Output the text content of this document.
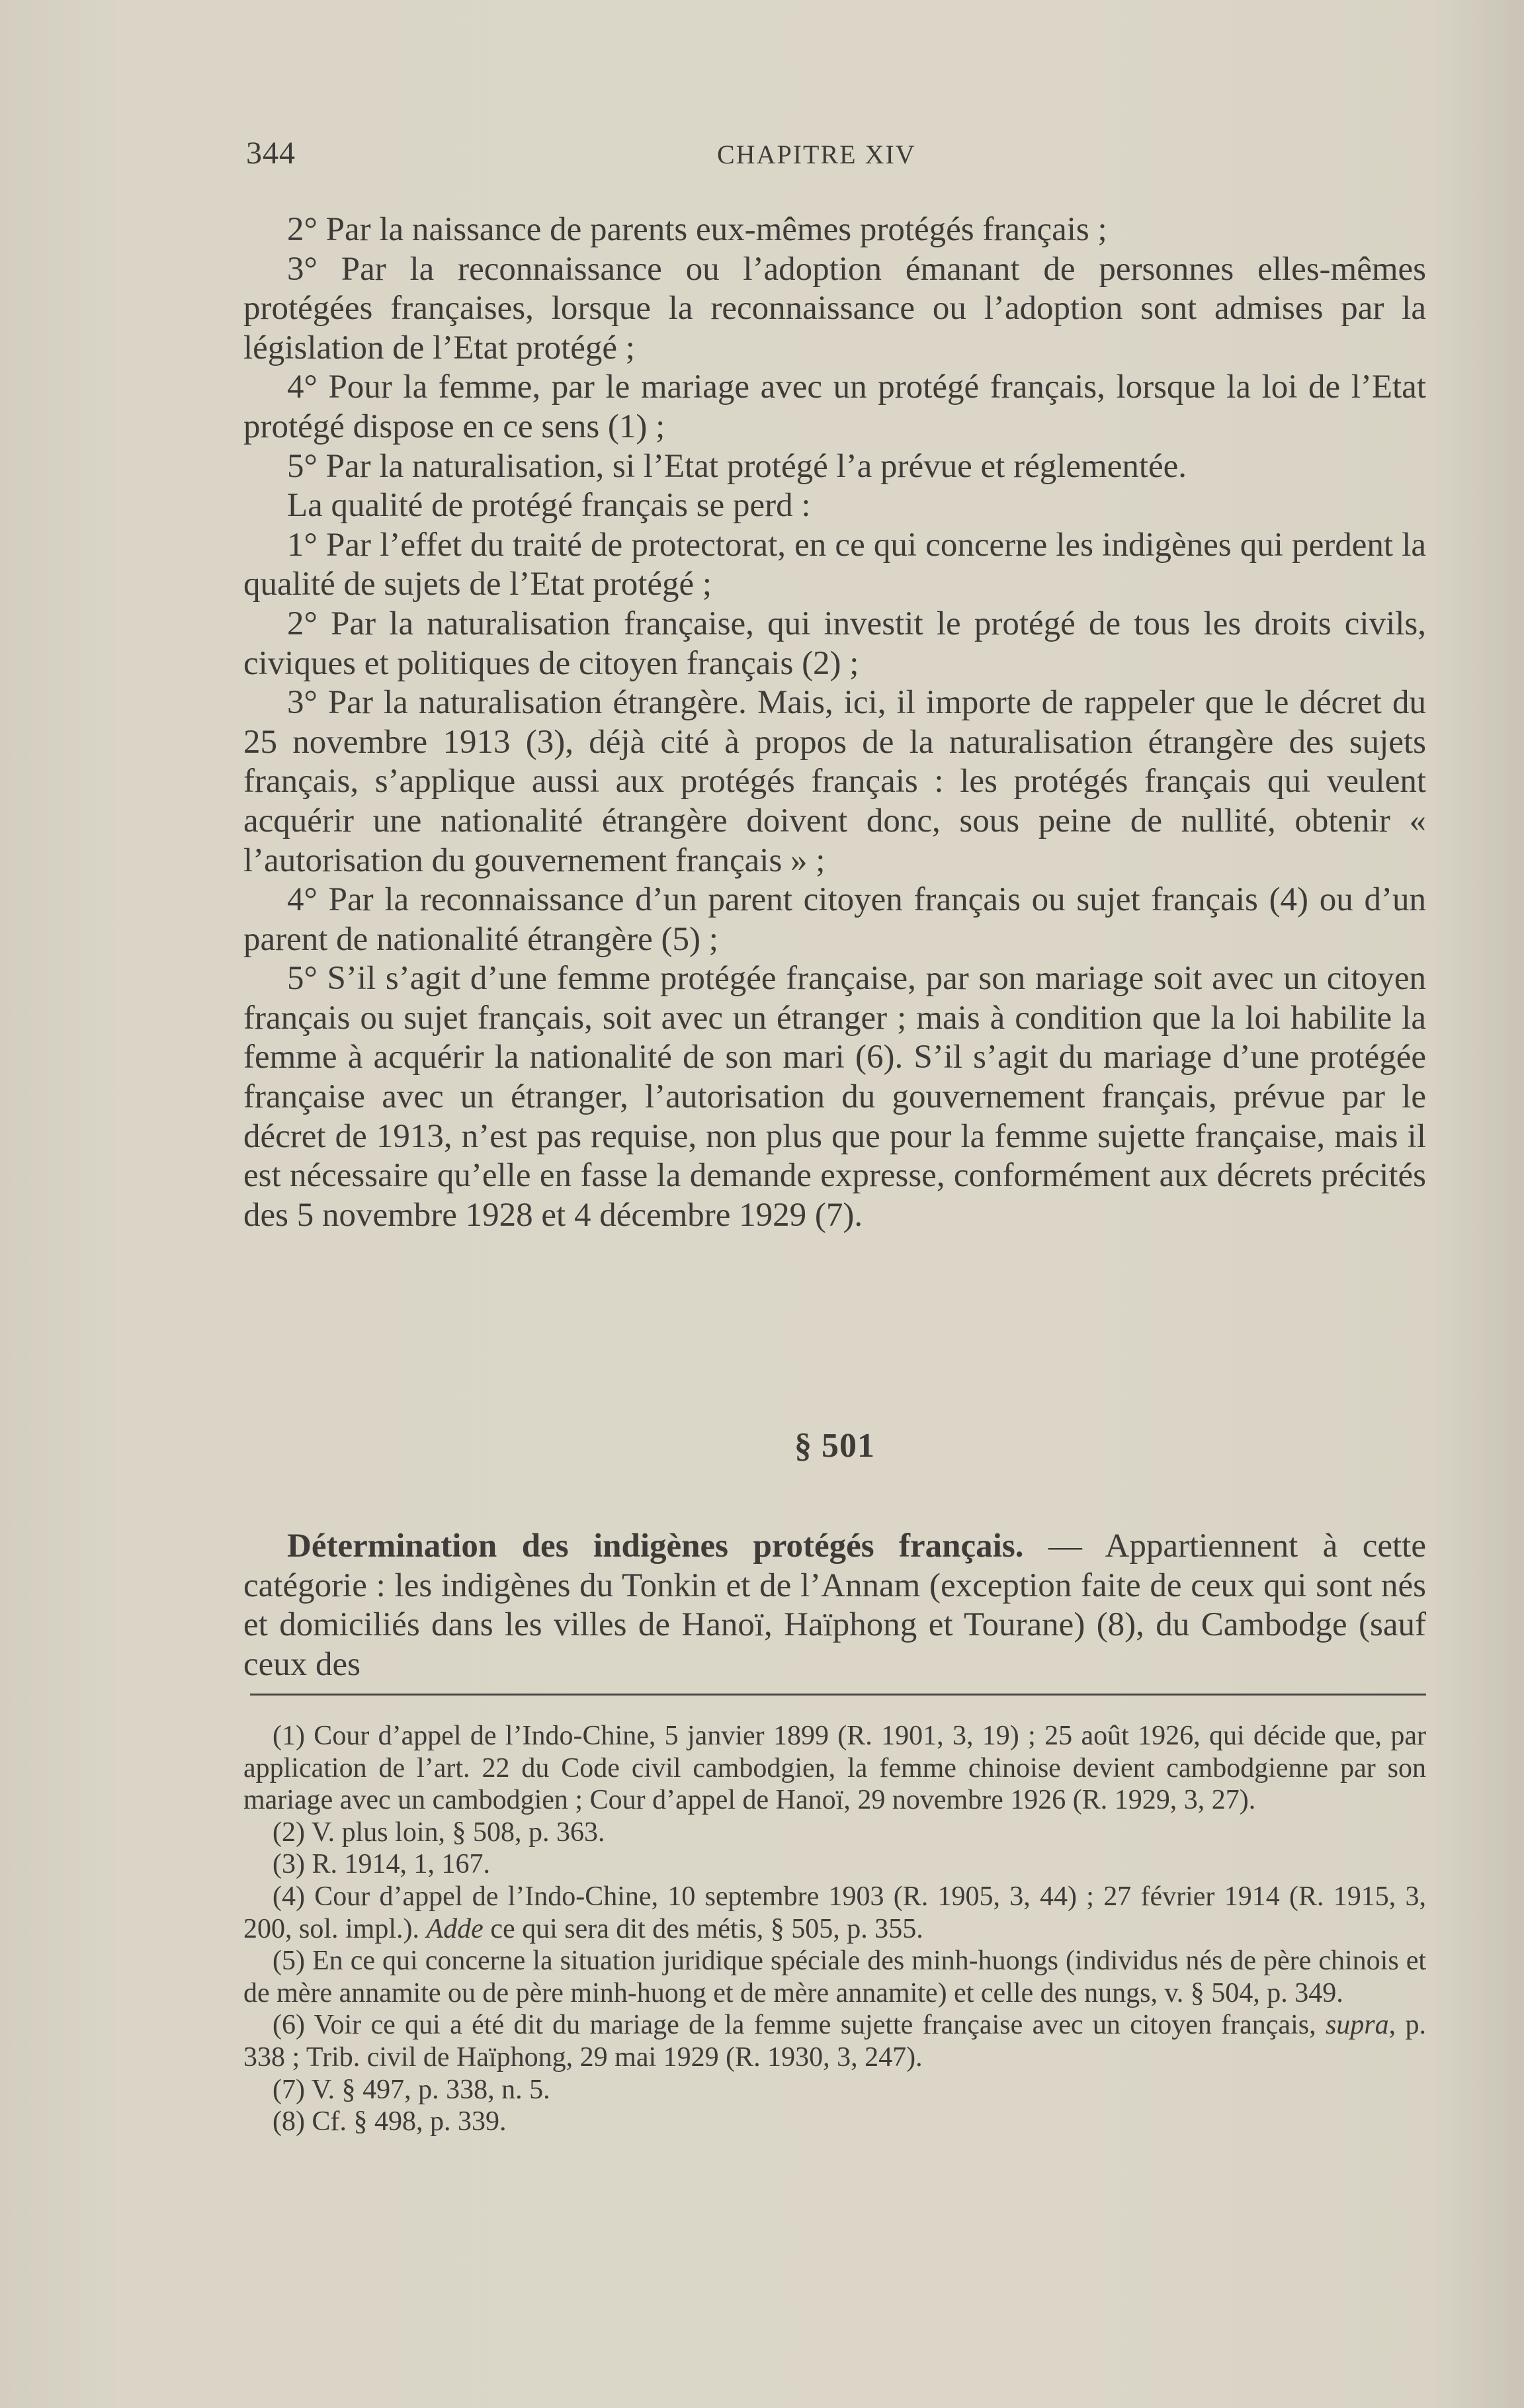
344	CHAPITRE XIV

2° Par la naissance de parents eux-mêmes protégés français ;

3° Par la reconnaissance ou l’adoption émanant de personnes elles-mêmes protégées françaises, lorsque la reconnaissance ou l’adoption sont admises par la législation de l’Etat protégé ;

4° Pour la femme, par le mariage avec un protégé français, lorsque la loi de l’Etat protégé dispose en ce sens (1) ;

5° Par la naturalisation, si l’Etat protégé l’a prévue et réglementée.

La qualité de protégé français se perd :

1° Par l’effet du traité de protectorat, en ce qui concerne les indigènes qui perdent la qualité de sujets de l’Etat protégé ;

2° Par la naturalisation française, qui investit le protégé de tous les droits civils, civiques et politiques de citoyen français (2) ;

3° Par la naturalisation étrangère. Mais, ici, il importe de rappeler que le décret du 25 novembre 1913 (3), déjà cité à propos de la naturalisation étrangère des sujets français, s’applique aussi aux protégés français : les protégés français qui veulent acquérir une nationalité étrangère doivent donc, sous peine de nullité, obtenir « l’autorisation du gouvernement français » ;

4° Par la reconnaissance d’un parent citoyen français ou sujet français (4) ou d’un parent de nationalité étrangère (5) ;

5° S’il s’agit d’une femme protégée française, par son mariage soit avec un citoyen français ou sujet français, soit avec un étranger ; mais à condition que la loi habilite la femme à acquérir la nationalité de son mari (6). S’il s’agit du mariage d’une protégée française avec un étranger, l’autorisation du gouvernement français, prévue par le décret de 1913, n’est pas requise, non plus que pour la femme sujette française, mais il est nécessaire qu’elle en fasse la demande expresse, conformément aux décrets précités des 5 novembre 1928 et 4 décembre 1929 (7).

§ 501

Détermination des indigènes protégés français. — Appartiennent à cette catégorie : les indigènes du Tonkin et de l’Annam (exception faite de ceux qui sont nés et domiciliés dans les villes de Hanoï, Haïphong et Tourane) (8), du Cambodge (sauf ceux des

(1) Cour d’appel de l’Indo-Chine, 5 janvier 1899 (R. 1901, 3, 19) ; 25 août 1926, qui décide que, par application de l’art. 22 du Code civil cambodgien, la femme chinoise devient cambodgienne par son mariage avec un cambodgien ; Cour d’appel de Hanoï, 29 novembre 1926 (R. 1929, 3, 27).

(2) V. plus loin, § 508, p. 363.

(3) R. 1914, 1, 167.

(4) Cour d’appel de l’Indo-Chine, 10 septembre 1903 (R. 1905, 3, 44) ; 27 février 1914 (R. 1915, 3, 200, sol. impl.). Adde ce qui sera dit des métis, § 505, p. 355.

(5) En ce qui concerne la situation juridique spéciale des minh-huongs (individus nés de père chinois et de mère annamite ou de père minh-huong et de mère annamite) et celle des nungs, v. § 504, p. 349.

(6) Voir ce qui a été dit du mariage de la femme sujette française avec un citoyen français, supra, p. 338 ; Trib. civil de Haïphong, 29 mai 1929 (R. 1930, 3, 247).

(7) V. § 497, p. 338, n. 5.

(8) Cf. § 498, p. 339.
